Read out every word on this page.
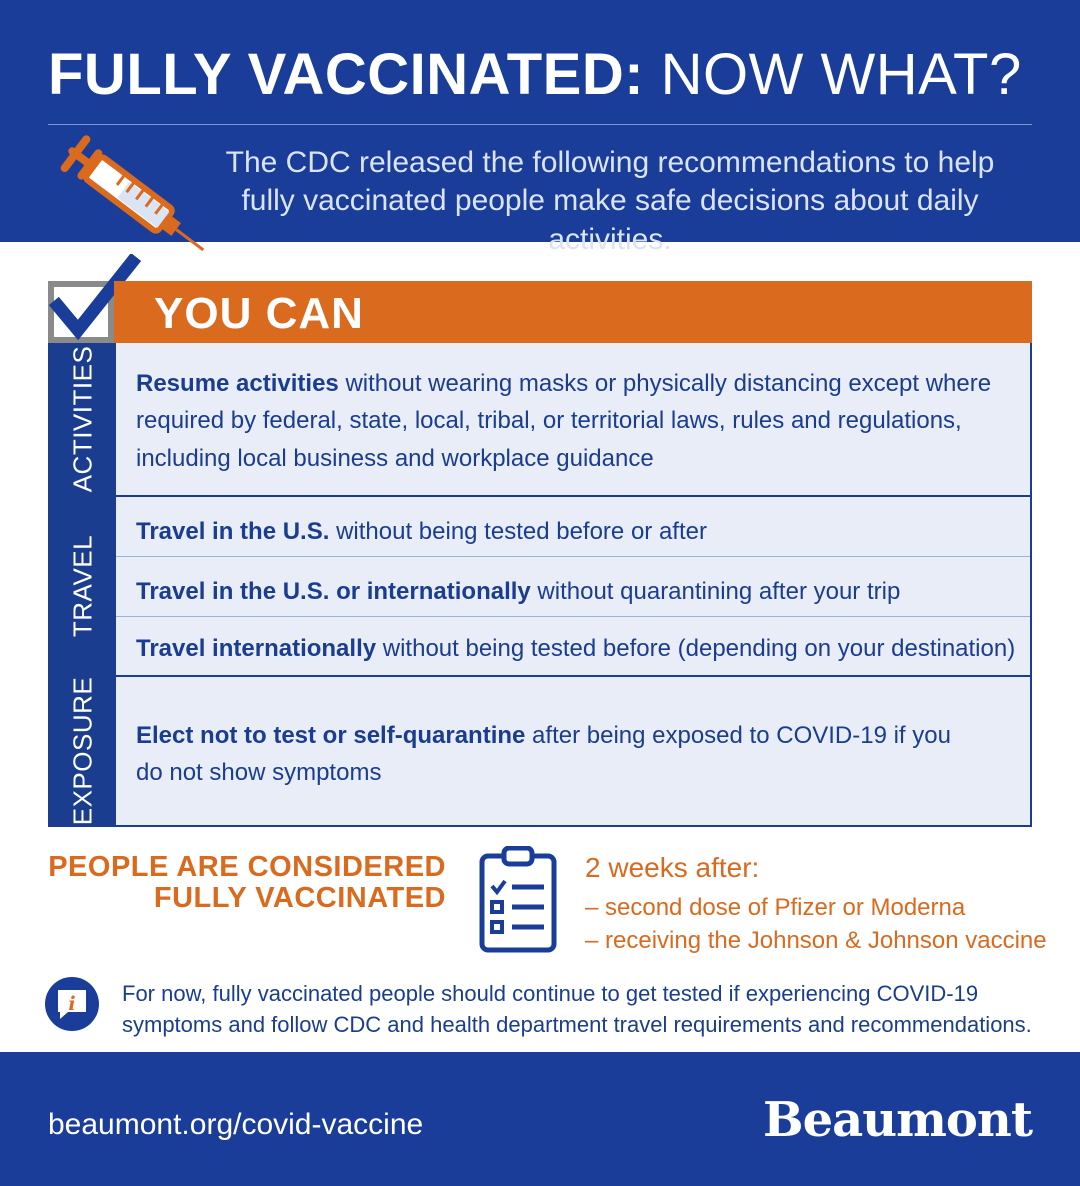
FULLY VACCINATED: NOW WHAT?

The CDC released the following recommendations to help fully vaccinated people make safe decisions about daily activities.

YOU CAN
ACTIVITIES Resume activities without wearing masks or physically distancing except where required by federal, state, local, tribal, or territorial laws, rules and regulations, including local business and workplace guidance

TRAVEL

Travel in the U.S. without being tested before or after

Travel in the U.S. or internationally without quarantining after your trip

Travel internationally without being tested before (depending on your destination)

EXPOSURE Elect not to test or self-quarantine after being exposed to COVID-19 if you do not show symptoms

PEOPLE ARE CONSIDERED
FULLY VACCINATED
2 weeks after:
– second dose of Pfizer or Moderna
– receiving the Johnson & Johnson vaccine
i For now, fully vaccinated people should continue to get tested if experiencing COVID-19 symptoms and follow CDC and health department travel requirements and recommendations.

beaumont.org/covid-vaccine	Beaumont
